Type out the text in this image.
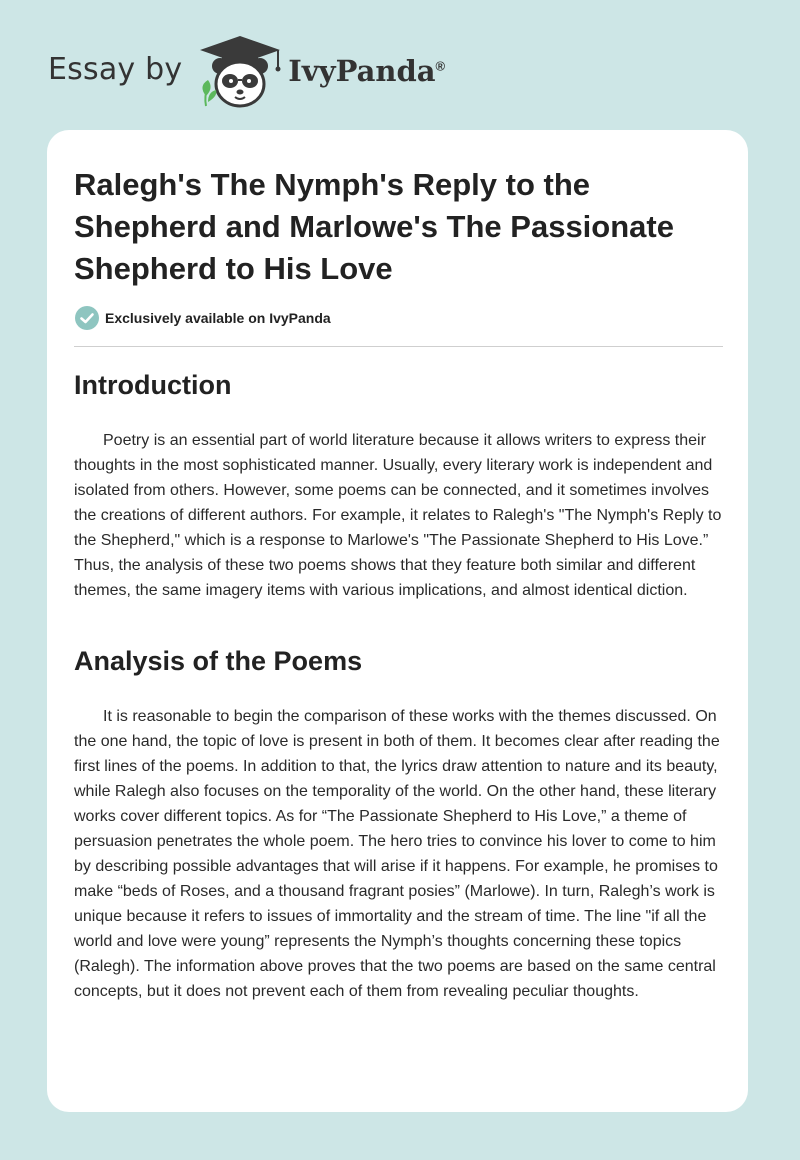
Essay by	IvyPanda®
Ralegh's The Nymph's Reply to the Shepherd and Marlowe's The Passionate Shepherd to His Love
Exclusively available on IvyPanda
Introduction

Poetry is an essential part of world literature because it allows writers to express their thoughts in the most sophisticated manner. Usually, every literary work is independent and isolated from others. However, some poems can be connected, and it sometimes involves the creations of different authors. For example, it relates to Ralegh's "The Nymph's Reply to the Shepherd," which is a response to Marlowe's "The Passionate Shepherd to His Love.” Thus, the analysis of these two poems shows that they feature both similar and different themes, the same imagery items with various implications, and almost identical diction.

Analysis of the Poems

It is reasonable to begin the comparison of these works with the themes discussed. On the one hand, the topic of love is present in both of them. It becomes clear after reading the first lines of the poems. In addition to that, the lyrics draw attention to nature and its beauty, while Ralegh also focuses on the temporality of the world. On the other hand, these literary works cover different topics. As for “The Passionate Shepherd to His Love,” a theme of persuasion penetrates the whole poem. The hero tries to convince his lover to come to him by describing possible advantages that will arise if it happens. For example, he promises to make “beds of Roses, and a thousand fragrant posies” (Marlowe). In turn, Ralegh’s work is unique because it refers to issues of immortality and the stream of time. The line "if all the world and love were young” represents the Nymph’s thoughts concerning these topics (Ralegh). The information above proves that the two poems are based on the same central concepts, but it does not prevent each of them from revealing peculiar thoughts.
